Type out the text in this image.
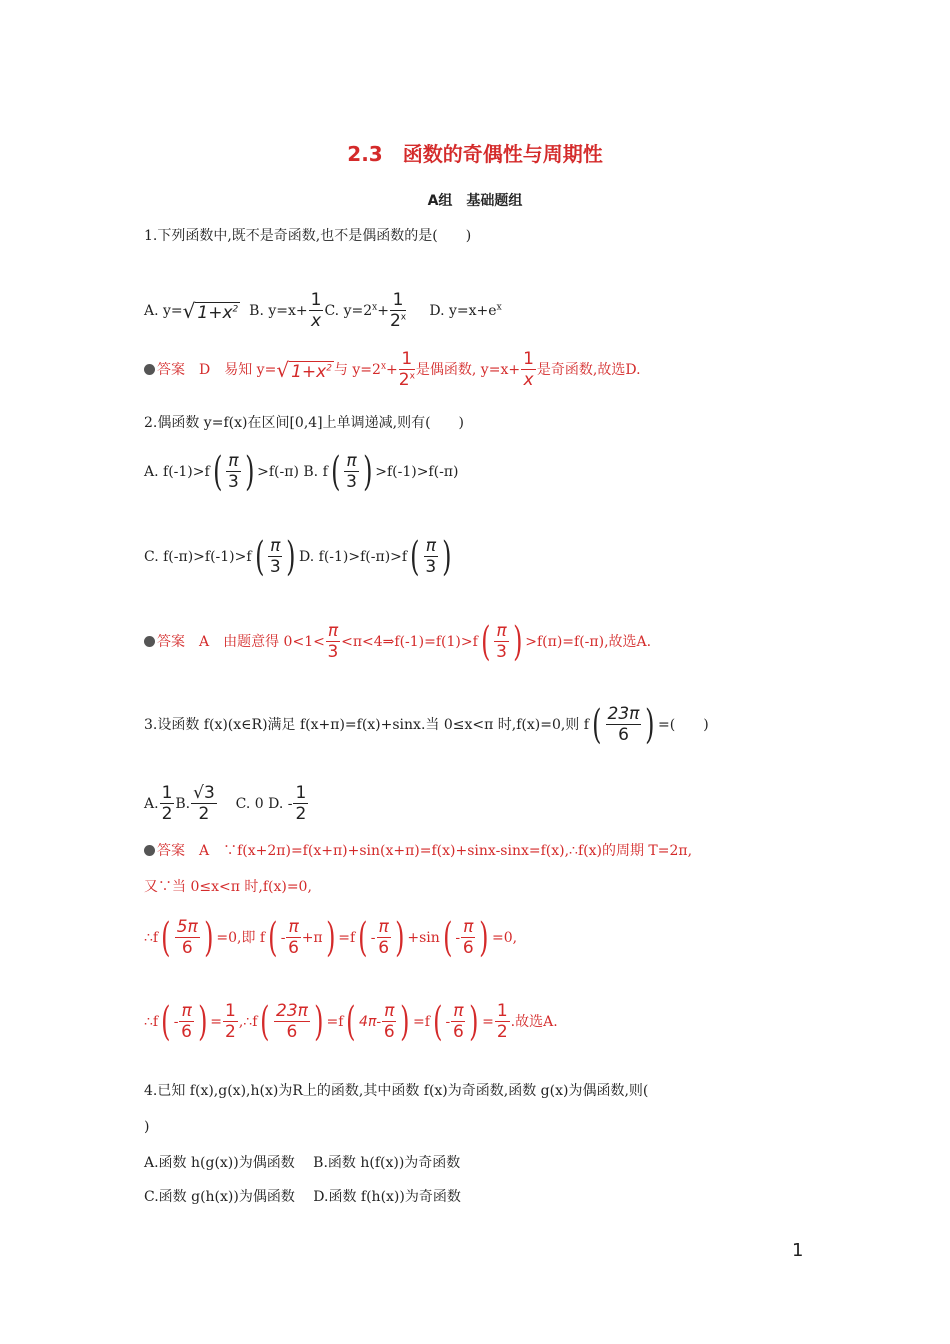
2.3　函数的奇偶性与周期性
A组　基础题组
1.下列函数中,既不是奇函数,也不是偶函数的是(　　)
A. y=√ $1+x^2$ B. $y=x+ \frac{1}{x} C$. $y=2^x+ \frac{1}{2^x} D$. $y=x+e^x$
答案　D　易知 y=√ $1+x^2$ 与 $y=2^x+ \frac{1}{2^x}$ 是偶函数, $y=x+ \frac{1}{x}$ 是奇函数,故选D.
2.偶函数 y=f(x)在区间[0,4]上单调递减,则有(　　)
A. $f(-1)>f( \frac{\pi}{3}$ ) >f(-π) B. $f( \frac{\pi}{3}$ ) >f(-1)>f(-π)
C. $f(-\pi)>f(-1)>f( \frac{\pi}{3}$ ) D. $f(-1)>f(-\pi)>f( \frac{\pi}{3}$ )
答案　A　由题意得 $0<1< \frac{\pi}{3}$ <π<4⇒f(-1)=f(1)>f( $\frac{\pi}{3}$ ) >f(π)=f(-π),故选A.
3.设函数 f(x)(x∈R)满足 f(x+π)=f(x)+sinx.当 0≤x<π 时,f(x)=0,则 $f( \frac{23\pi}{6}$ ) =(　　)
A. $\frac{1}{2} B$. $\frac{√3}{2} C$. 0 D. - $\frac{1}{2}$
答案　A　∵f(x+2π)=f(x+π)+sin(x+π)=f(x)+sinx-sinx=f(x),∴f(x)的周期 T=2π,
又∵当 0≤x<π 时,f(x)=0,
∴f( $\frac{5\pi}{6}$ ) =0,即 $f( - \frac{\pi}{6} +\pi) =f( - \frac{\pi}{6}$ ) $+\sin( - \frac{\pi}{6}$ ) =0,
∴f( - $\frac{\pi}{6}$ ) = $\frac{1}{2}$ ,∴f( $\frac{23\pi}{6}$ ) =f( $4\pi- \frac{\pi}{6}$ ) $=f( - \frac{\pi}{6}$ ) = $\frac{1}{2}$ .故选A.
4.已知 f(x),g(x),h(x)为R上的函数,其中函数 f(x)为奇函数,函数 g(x)为偶函数,则(
)
A.函数 h(g(x))为偶函数　 B.函数 h(f(x))为奇函数
C.函数 g(h(x))为偶函数　 D.函数 f(h(x))为奇函数
1
